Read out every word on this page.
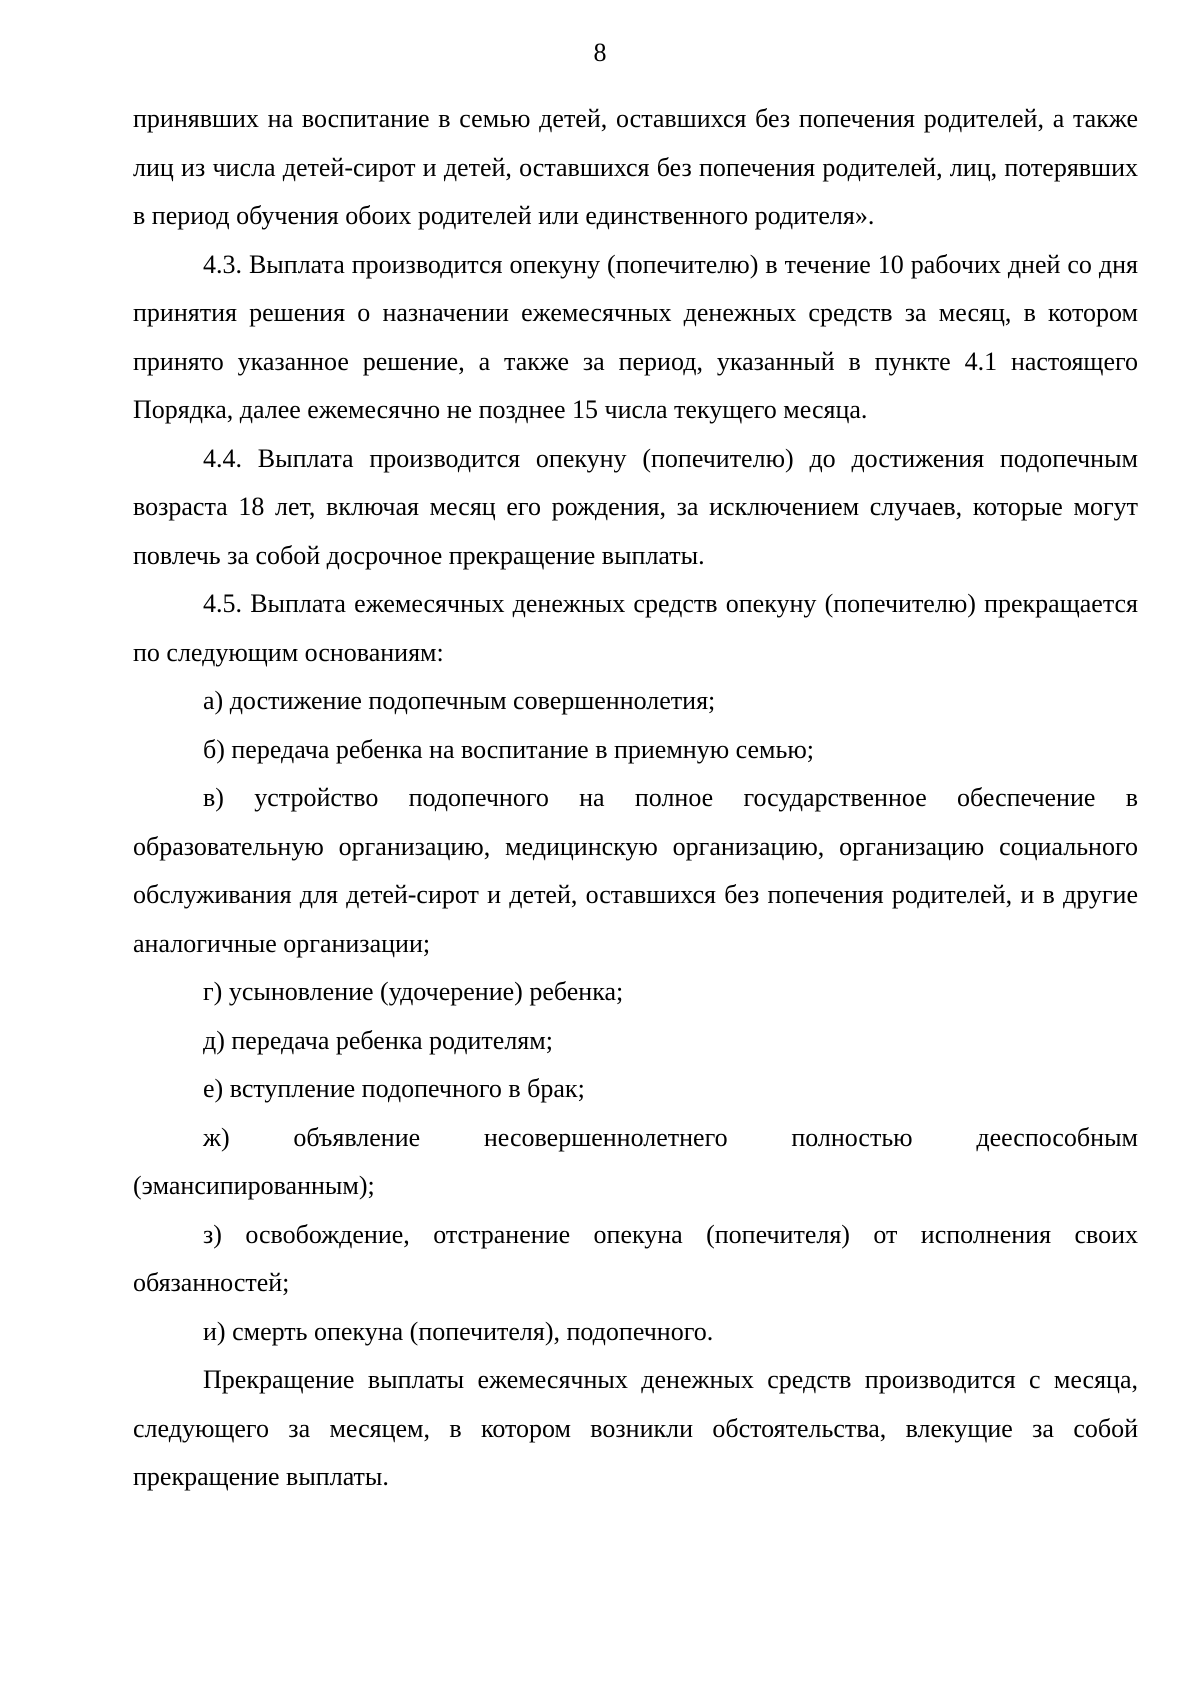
8

принявших на воспитание в семью детей, оставшихся без попечения родителей, а также лиц из числа детей-сирот и детей, оставшихся без попечения родителей, лиц, потерявших в период обучения обоих родителей или единственного родителя».

4.3. Выплата производится опекуну (попечителю) в течение 10 рабочих дней со дня принятия решения о назначении ежемесячных денежных средств за месяц, в котором принято указанное решение, а также за период, указанный в пункте 4.1 настоящего Порядка, далее ежемесячно не позднее 15 числа текущего месяца.

4.4. Выплата производится опекуну (попечителю) до достижения подопечным возраста 18 лет, включая месяц его рождения, за исключением случаев, которые могут повлечь за собой досрочное прекращение выплаты.

4.5. Выплата ежемесячных денежных средств опекуну (попечителю) прекращается по следующим основаниям:

а) достижение подопечным совершеннолетия;

б) передача ребенка на воспитание в приемную семью;

в) устройство подопечного на полное государственное обеспечение в образовательную организацию, медицинскую организацию, организацию социального обслуживания для детей-сирот и детей, оставшихся без попечения родителей, и в другие аналогичные организации;

г) усыновление (удочерение) ребенка;

д) передача ребенка родителям;

е) вступление подопечного в брак;

ж) объявление несовершеннолетнего полностью дееспособным (эмансипированным);

з) освобождение, отстранение опекуна (попечителя) от исполнения своих обязанностей;

и) смерть опекуна (попечителя), подопечного.

Прекращение выплаты ежемесячных денежных средств производится с месяца, следующего за месяцем, в котором возникли обстоятельства, влекущие за собой прекращение выплаты.
